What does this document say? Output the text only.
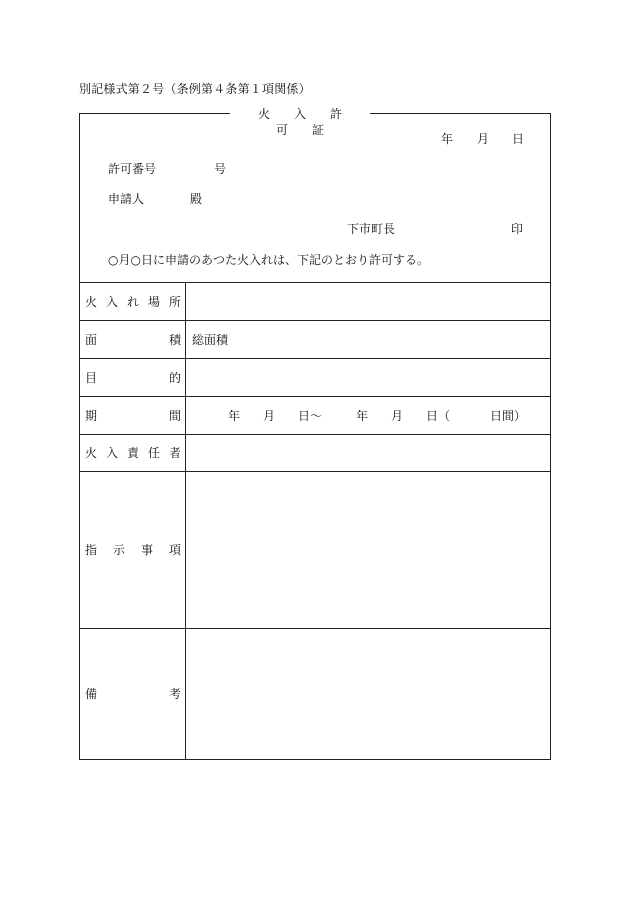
別記様式第２号（条例第４条第１項関係）
火入許可証
年 月 日
許可番号	号
申請人	殿
下市町長	印
○月○日に申請のあつた火入れは、下記のとおり許可する。
火 入 れ 場 所
面	積 総面積
目	的
期	間	年 月 日～	年 月 日（	日間）
火 入 責 任 者
指 示 事 項
備	考
